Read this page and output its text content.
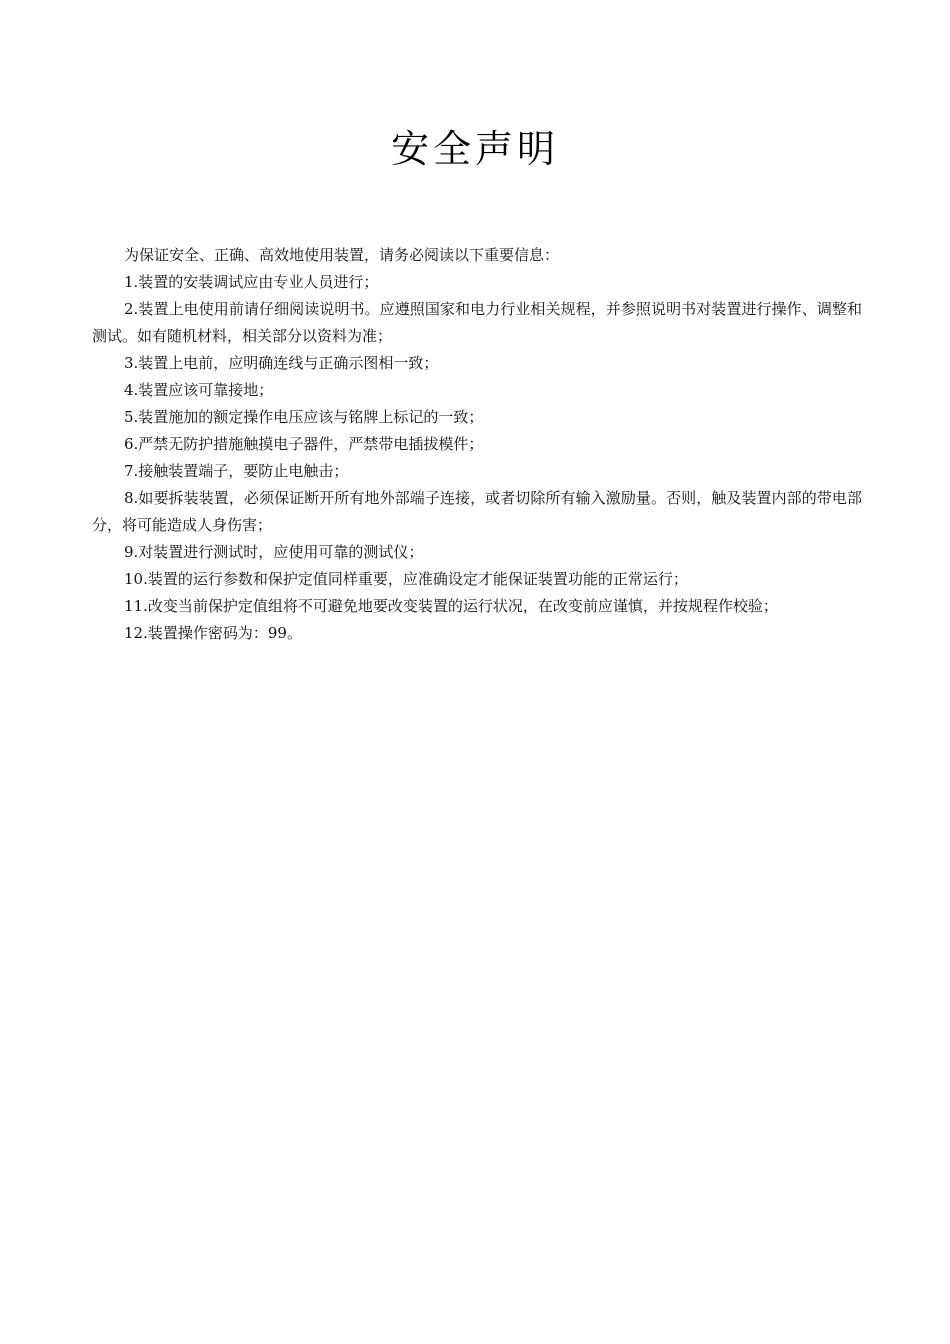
安全声明

为保证安全、正确、高效地使用装置，请务必阅读以下重要信息：

1.装置的安装调试应由专业人员进行；

2.装置上电使用前请仔细阅读说明书。应遵照国家和电力行业相关规程，并参照说明书对装置进行操作、调整和测试。如有随机材料，相关部分以资料为准；

3.装置上电前，应明确连线与正确示图相一致；

4.装置应该可靠接地；

5.装置施加的额定操作电压应该与铭牌上标记的一致；

6.严禁无防护措施触摸电子器件，严禁带电插拔模件；

7.接触装置端子，要防止电触击；

8.如要拆装装置，必须保证断开所有地外部端子连接，或者切除所有输入激励量。否则，触及装置内部的带电部分，将可能造成人身伤害；

9.对装置进行测试时，应使用可靠的测试仪；

10.装置的运行参数和保护定值同样重要，应准确设定才能保证装置功能的正常运行；

11.改变当前保护定值组将不可避免地要改变装置的运行状况，在改变前应谨慎，并按规程作校验；

12.装置操作密码为：99。
